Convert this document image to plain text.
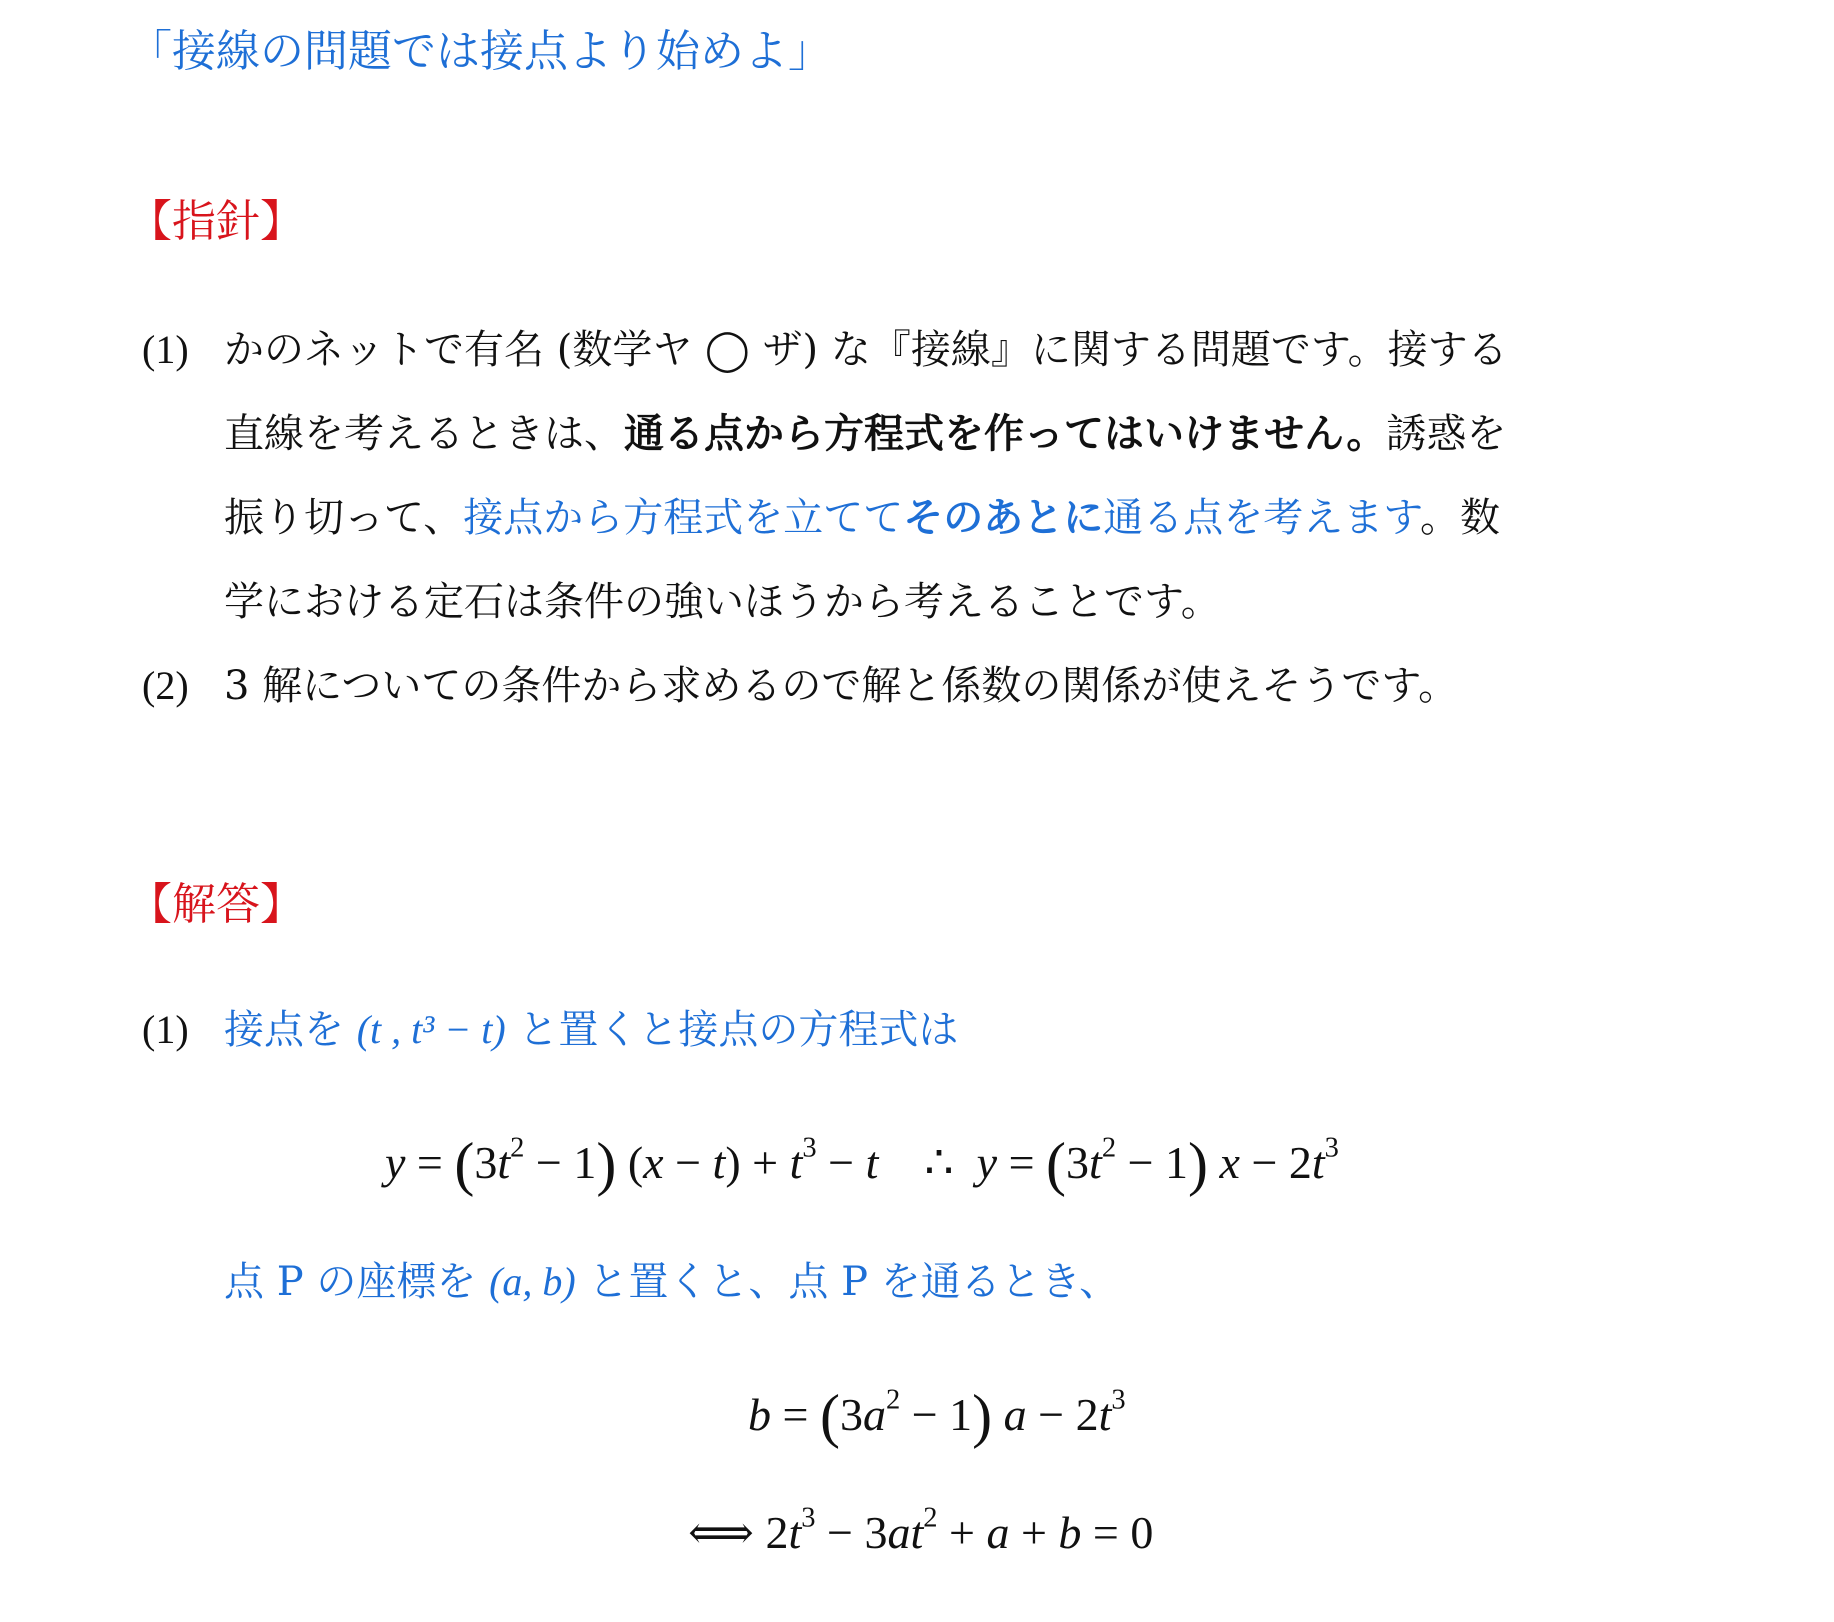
「接線の問題では接点より始めよ」
【指針】
(1) かのネットで有名 (数学ヤ ◯ ザ) な『接線』に関する問題です。接する
直線を考えるときは、通る点から方程式を作ってはいけません。誘惑を
振り切って、接点から方程式を立ててそのあとに通る点を考えます。数
学における定石は条件の強いほうから考えることです。
(2) 3 解についての条件から求めるので解と係数の関係が使えそうです。
【解答】
(1) 接点を (t , t³ − t) と置くと接点の方程式は
$y = (3t^2 - 1) (x - t) + t^3 - t$    ∴  $y = (3t^2 - 1) x - 2t^3$
点 P の座標を (a, b) と置くと、点 P を通るとき、
$b = (3a^2 - 1) a - 2t^3$
⟺ $2t^3 - 3at^2 + a + b = 0$
